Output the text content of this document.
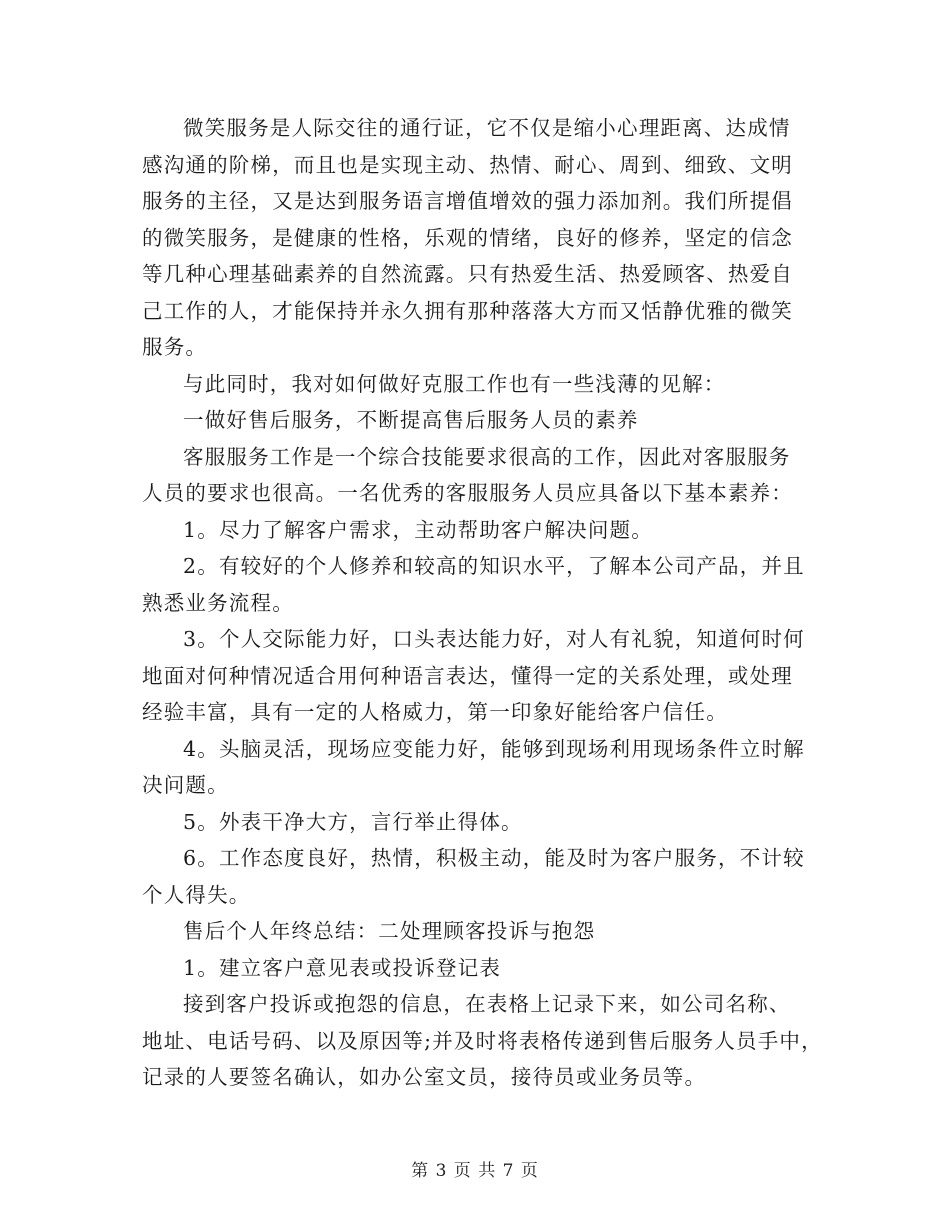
微笑服务是人际交往的通行证，它不仅是缩小心理距离、达成情

感沟通的阶梯，而且也是实现主动、热情、耐心、周到、细致、文明

服务的主径，又是达到服务语言增值增效的强力添加剂。我们所提倡

的微笑服务，是健康的性格，乐观的情绪，良好的修养，坚定的信念

等几种心理基础素养的自然流露。只有热爱生活、热爱顾客、热爱自

己工作的人，才能保持并永久拥有那种落落大方而又恬静优雅的微笑

服务。

与此同时，我对如何做好克服工作也有一些浅薄的见解：

一做好售后服务，不断提高售后服务人员的素养

客服服务工作是一个综合技能要求很高的工作，因此对客服服务

人员的要求也很高。一名优秀的客服服务人员应具备以下基本素养：

1。尽力了解客户需求，主动帮助客户解决问题。

2。有较好的个人修养和较高的知识水平，了解本公司产品，并且

熟悉业务流程。

3。个人交际能力好，口头表达能力好，对人有礼貌，知道何时何

地面对何种情况适合用何种语言表达，懂得一定的关系处理，或处理

经验丰富，具有一定的人格威力，第一印象好能给客户信任。

4。头脑灵活，现场应变能力好，能够到现场利用现场条件立时解

决问题。

5。外表干净大方，言行举止得体。

6。工作态度良好，热情，积极主动，能及时为客户服务，不计较

个人得失。

售后个人年终总结：二处理顾客投诉与抱怨

1。建立客户意见表或投诉登记表

接到客户投诉或抱怨的信息，在表格上记录下来，如公司名称、

地址、电话号码、以及原因等;并及时将表格传递到售后服务人员手中，

记录的人要签名确认，如办公室文员，接待员或业务员等。

第 3 页 共 7 页
